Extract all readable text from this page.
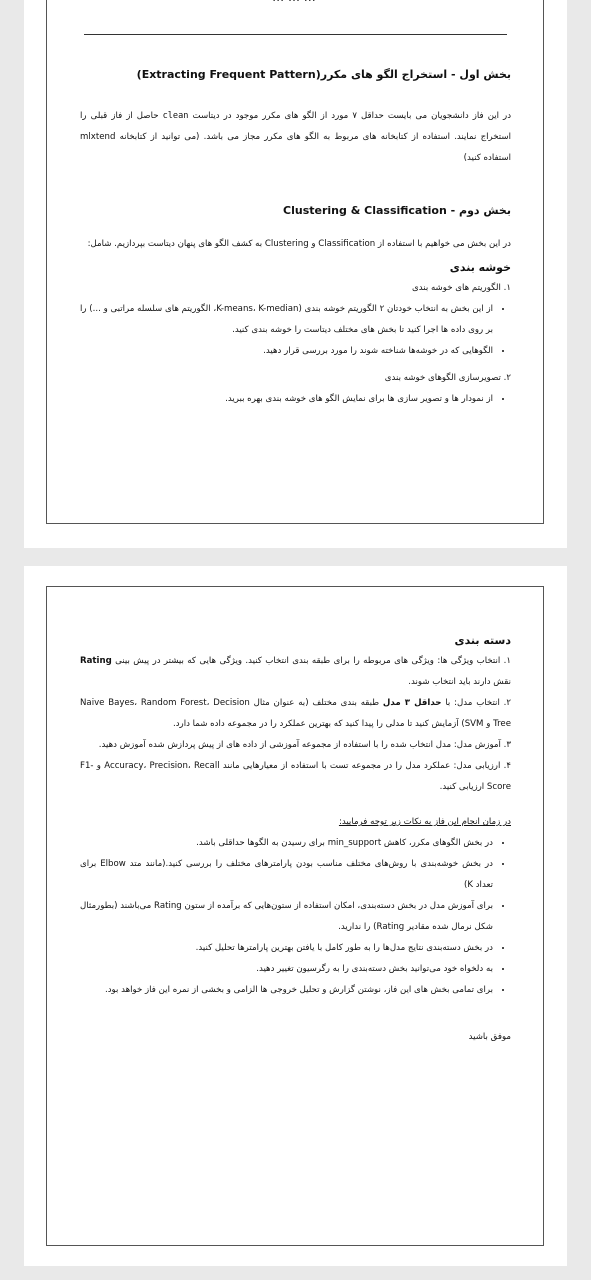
بخش اول - استخراج الگو های مکرر(Extracting Frequent Pattern)
در این فاز دانشجویان می بایست حداقل ۷ مورد از الگو های مکرر موجود در دیتاست clean حاصل از فاز قبلی را استخراج نمایند. استفاده از کتابخانه های مربوط به الگو های مکرر مجاز می باشد. (می توانید از کتابخانه mlxtend استفاده کنید)
بخش دوم - Clustering & Classification
در این بخش می خواهیم با استفاده از Classification و Clustering به کشف الگو های پنهان دیتاست بپردازیم. شامل:
خوشه بندی
۱. الگوریتم های خوشه بندی
• از این بخش به انتخاب خودتان ۲ الگوریتم خوشه بندی (K-means، K-median، الگوریتم های سلسله مراتبی و ...) را بر روی داده ها اجرا کنید تا بخش های مختلف دیتاست را خوشه بندی کنید.
• الگوهایی که در خوشه‌ها شناخته شوند را مورد بررسی قرار دهید.
۲. تصویرسازی الگوهای خوشه بندی
• از نمودار ها و تصویر سازی ها برای نمایش الگو های خوشه بندی بهره ببرید.
دسته بندی
۱. انتخاب ویژگی ها: ویژگی های مربوطه را برای طبقه بندی انتخاب کنید. ویژگی هایی که بیشتر در پیش بینی Rating نقش دارند باید انتخاب شوند.
۲. انتخاب مدل: با حداقل ۳ مدل طبقه بندی مختلف (به عنوان مثال Naive Bayes، Random Forest، Decision Tree و SVM) آزمایش کنید تا مدلی را پیدا کنید که بهترین عملکرد را در مجموعه داده شما دارد.
۳. آموزش مدل: مدل انتخاب شده را با استفاده از مجموعه آموزشی از داده های از پیش پردازش شده آموزش دهید.
۴. ارزیابی مدل: عملکرد مدل را در مجموعه تست با استفاده از معیارهایی مانند Accuracy، Precision، Recall و F1-Score ارزیابی کنید.
در زمان انجام این فاز به نکات زیر توجه فرمایید:
• در بخش الگوهای مکرر، کاهش min_support برای رسیدن به الگوها حداقلی باشد.
• در بخش خوشه‌بندی با روش‌های مختلف مناسب بودن پارامترهای مختلف را بررسی کنید.(مانند متد Elbow برای تعداد K)
• برای آموزش مدل در بخش دسته‌بندی، امکان استفاده از ستون‌هایی که برآمده از ستون Rating می‌باشند (بطورمثال شکل نرمال شده مقادیر Rating) را ندارید.
• در بخش دسته‌بندی نتایج مدل‌ها را به طور کامل با یافتن بهترین پارامترها تحلیل کنید.
• به دلخواه خود می‌توانید بخش دسته‌بندی را به رگرسیون تغییر دهید.
• برای تمامی بخش های این فاز، نوشتن گزارش و تحلیل خروجی ها الزامی و بخشی از نمره این فاز خواهد بود.
موفق باشید
